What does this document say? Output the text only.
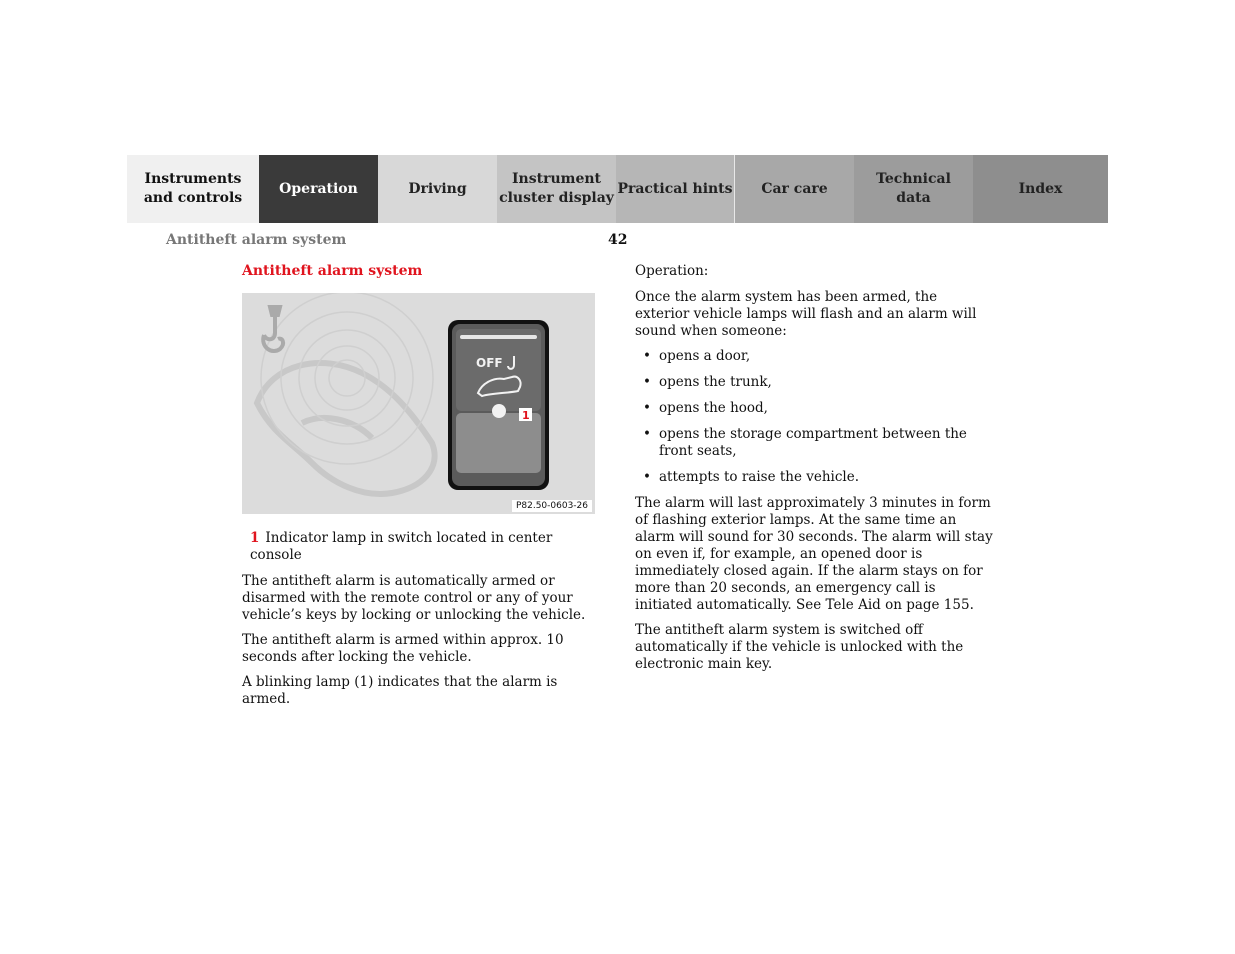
Instruments
and controls
Operation	Driving
Instrument
cluster display
Practical hints Car care
Technical
data
Index
Antitheft alarm system	42
Antitheft alarm system
OFF
1
P82.50-0603-26
1 Indicator lamp in switch located in center console

The antitheft alarm is automatically armed or disarmed with the remote control or any of your vehicle’s keys by locking or unlocking the vehicle.

The antitheft alarm is armed within approx. 10 seconds after locking the vehicle.

A blinking lamp (1) indicates that the alarm is armed.

Operation:

Once the alarm system has been armed, the exterior vehicle lamps will flash and an alarm will sound when someone:

• opens a door,
• opens the trunk,
• opens the hood,
• opens the storage compartment between the front seats,
• attempts to raise the vehicle.

The alarm will last approximately 3 minutes in form of flashing exterior lamps. At the same time an alarm will sound for 30 seconds. The alarm will stay on even if, for example, an opened door is immediately closed again. If the alarm stays on for more than 20 seconds, an emergency call is initiated automatically. See Tele Aid on page 155.

The antitheft alarm system is switched off automatically if the vehicle is unlocked with the electronic main key.
